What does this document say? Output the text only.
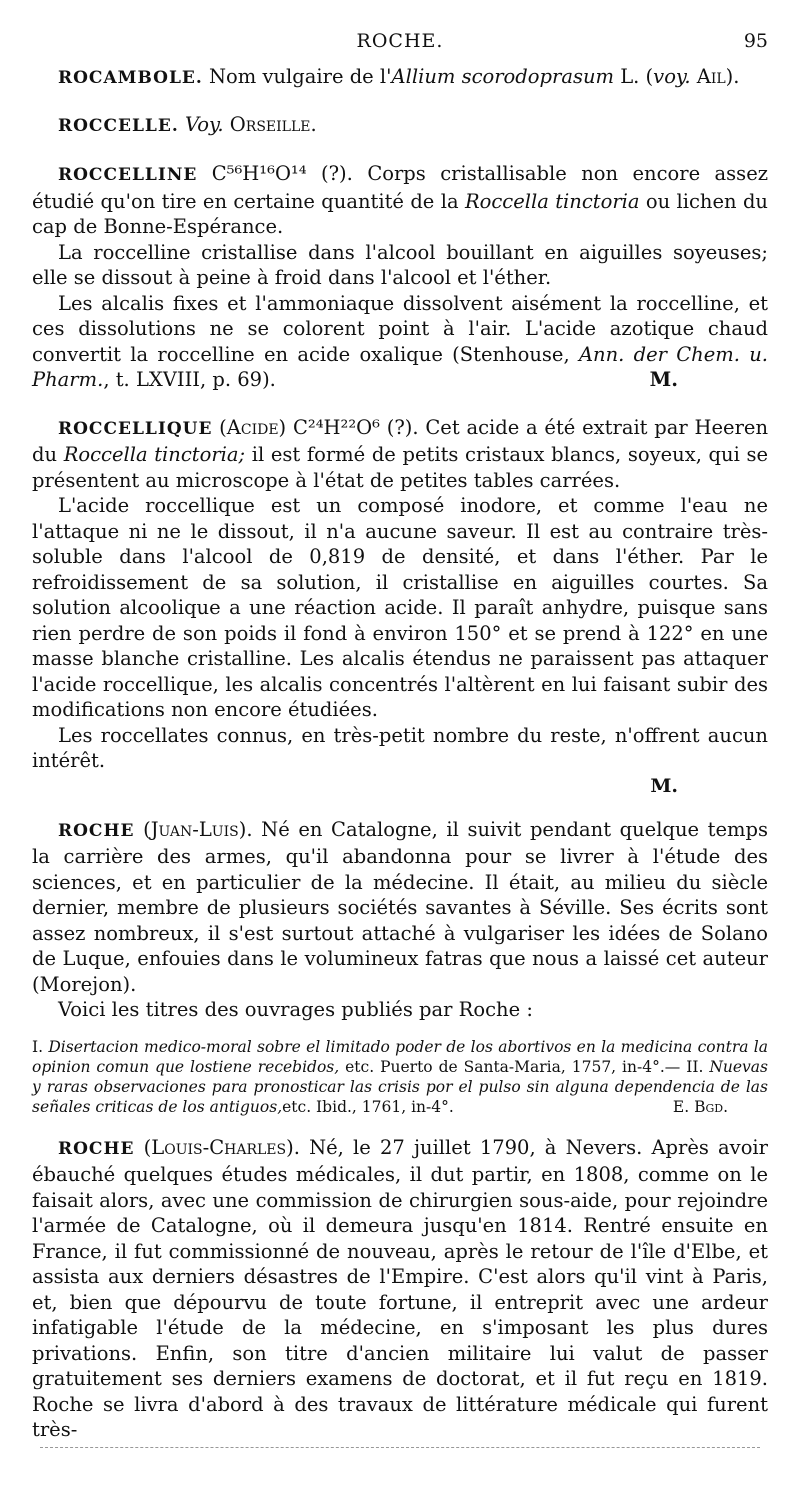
ROCHE.	95

ROCAMBOLE. Nom vulgaire de l'Allium scorodoprasum L. (voy. Ail).

ROCCELLE. Voy. Orseille.

ROCCELLINE C⁵⁶H¹⁶O¹⁴ (?). Corps cristallisable non encore assez étudié qu'on tire en certaine quantité de la Roccella tinctoria ou lichen du cap de Bonne-Espérance.

La roccelline cristallise dans l'alcool bouillant en aiguilles soyeuses; elle se dissout à peine à froid dans l'alcool et l'éther.

Les alcalis fixes et l'ammoniaque dissolvent aisément la roccelline, et ces dissolutions ne se colorent point à l'air. L'acide azotique chaud convertit la roccelline en acide oxalique (Stenhouse, Ann. der Chem. u. Pharm., t. LXVIII, p. 69).	M.

ROCCELLIQUE (Acide) C²⁴H²²O⁶ (?). Cet acide a été extrait par Heeren du Roccella tinctoria; il est formé de petits cristaux blancs, soyeux, qui se présentent au microscope à l'état de petites tables carrées.

L'acide roccellique est un composé inodore, et comme l'eau ne l'attaque ni ne le dissout, il n'a aucune saveur. Il est au contraire très-soluble dans l'alcool de 0,819 de densité, et dans l'éther. Par le refroidissement de sa solution, il cristallise en aiguilles courtes. Sa solution alcoolique a une réaction acide. Il paraît anhydre, puisque sans rien perdre de son poids il fond à environ 150° et se prend à 122° en une masse blanche cristalline. Les alcalis étendus ne paraissent pas attaquer l'acide roccellique, les alcalis concentrés l'altèrent en lui faisant subir des modifications non encore étudiées.

Les roccellates connus, en très-petit nombre du reste, n'offrent aucun intérêt.

M.

ROCHE (Juan-Luis). Né en Catalogne, il suivit pendant quelque temps la carrière des armes, qu'il abandonna pour se livrer à l'étude des sciences, et en particulier de la médecine. Il était, au milieu du siècle dernier, membre de plusieurs sociétés savantes à Séville. Ses écrits sont assez nombreux, il s'est surtout attaché à vulgariser les idées de Solano de Luque, enfouies dans le volumineux fatras que nous a laissé cet auteur (Morejon).

Voici les titres des ouvrages publiés par Roche :

I. Disertacion medico-moral sobre el limitado poder de los abortivos en la medicina contra la opinion comun que lostiene recebidos, etc. Puerto de Santa-Maria, 1757, in-4°.— II. Nuevas y raras observaciones para pronosticar las crisis por el pulso sin alguna dependencia de las señales criticas de los antiguos,etc. Ibid., 1761, in-4°.	E. Bgd.

ROCHE (Louis-Charles). Né, le 27 juillet 1790, à Nevers. Après avoir ébauché quelques études médicales, il dut partir, en 1808, comme on le faisait alors, avec une commission de chirurgien sous-aide, pour rejoindre l'armée de Catalogne, où il demeura jusqu'en 1814. Rentré ensuite en France, il fut commissionné de nouveau, après le retour de l'île d'Elbe, et assista aux derniers désastres de l'Empire. C'est alors qu'il vint à Paris, et, bien que dépourvu de toute fortune, il entreprit avec une ardeur infatigable l'étude de la médecine, en s'imposant les plus dures privations. Enfin, son titre d'ancien militaire lui valut de passer gratuitement ses derniers examens de doctorat, et il fut reçu en 1819. Roche se livra d'abord à des travaux de littérature médicale qui furent très-
